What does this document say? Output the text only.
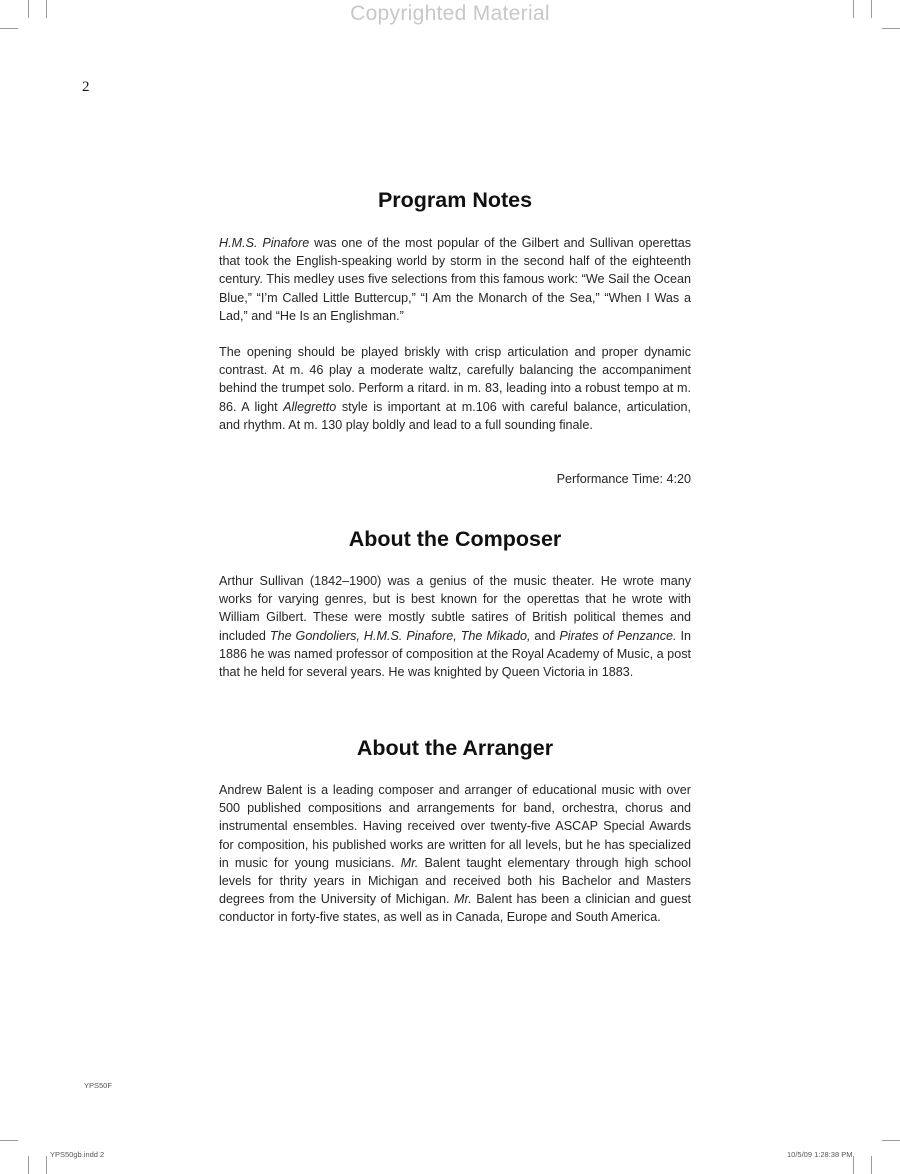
Copyrighted Material
2
Program Notes

H.M.S. Pinafore was one of the most popular of the Gilbert and Sullivan operettas that took the English-speaking world by storm in the second half of the eighteenth century. This medley uses five selections from this famous work: “We Sail the Ocean Blue,” “I’m Called Little Buttercup,” “I Am the Monarch of the Sea,” “When I Was a Lad,” and “He Is an Englishman.”

The opening should be played briskly with crisp articulation and proper dynamic contrast. At m. 46 play a moderate waltz, carefully balancing the accompaniment behind the trumpet solo. Perform a ritard. in m. 83, leading into a robust tempo at m. 86. A light Allegretto style is important at m.106 with careful balance, articulation, and rhythm. At m. 130 play boldly and lead to a full sounding finale.

Performance Time: 4:20
About the Composer

Arthur Sullivan (1842–1900) was a genius of the music theater. He wrote many works for varying genres, but is best known for the operettas that he wrote with William Gilbert. These were mostly subtle satires of British political themes and included The Gondoliers, H.M.S. Pinafore, The Mikado, and Pirates of Penzance. In 1886 he was named professor of composition at the Royal Academy of Music, a post that he held for several years. He was knighted by Queen Victoria in 1883.

About the Arranger

Andrew Balent is a leading composer and arranger of educational music with over 500 published compositions and arrangements for band, orchestra, chorus and instrumental ensembles. Having received over twenty-five ASCAP Special Awards for composition, his published works are written for all levels, but he has specialized in music for young musicians. Mr. Balent taught elementary through high school levels for thrity years in Michigan and received both his Bachelor and Masters degrees from the University of Michigan. Mr. Balent has been a clinician and guest conductor in forty-five states, as well as in Canada, Europe and South America.

YPS50F
YPS50gb.indd 2	10/5/09 1:28:38 PM
